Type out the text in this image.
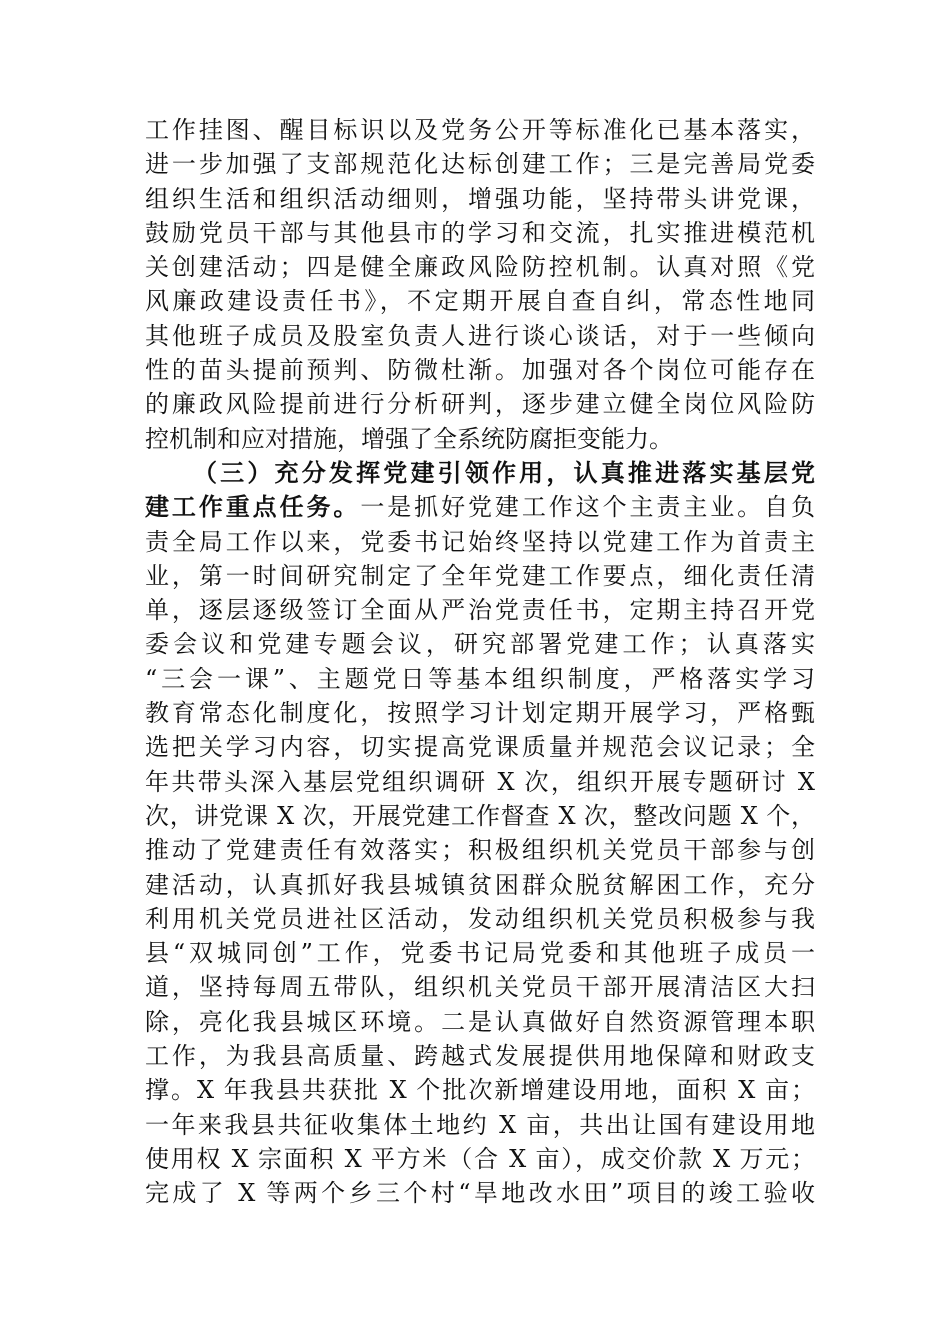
工作挂图、醒目标识以及党务公开等标准化已基本落实，
进一步加强了支部规范化达标创建工作；三是完善局党委
组织生活和组织活动细则，增强功能，坚持带头讲党课，
鼓励党员干部与其他县市的学习和交流，扎实推进模范机
关创建活动；四是健全廉政风险防控机制。认真对照《党
风廉政建设责任书》，不定期开展自查自纠，常态性地同
其他班子成员及股室负责人进行谈心谈话，对于一些倾向
性的苗头提前预判、防微杜渐。加强对各个岗位可能存在
的廉政风险提前进行分析研判，逐步建立健全岗位风险防
控机制和应对措施，增强了全系统防腐拒变能力。
（三）充分发挥党建引领作用，认真推进落实基层党
建工作重点任务。一是抓好党建工作这个主责主业。自负
责全局工作以来，党委书记始终坚持以党建工作为首责主
业，第一时间研究制定了全年党建工作要点，细化责任清
单，逐层逐级签订全面从严治党责任书，定期主持召开党
委会议和党建专题会议，研究部署党建工作；认真落实
“三会一课”、主题党日等基本组织制度，严格落实学习
教育常态化制度化，按照学习计划定期开展学习，严格甄
选把关学习内容，切实提高党课质量并规范会议记录；全
年共带头深入基层党组织调研 X 次，组织开展专题研讨 X
次，讲党课 X 次，开展党建工作督查 X 次，整改问题 X 个，
推动了党建责任有效落实；积极组织机关党员干部参与创
建活动，认真抓好我县城镇贫困群众脱贫解困工作，充分
利用机关党员进社区活动，发动组织机关党员积极参与我
县“双城同创”工作，党委书记局党委和其他班子成员一
道，坚持每周五带队，组织机关党员干部开展清洁区大扫
除，亮化我县城区环境。二是认真做好自然资源管理本职
工作，为我县高质量、跨越式发展提供用地保障和财政支
撑。X 年我县共获批 X 个批次新增建设用地，面积 X 亩；
一年来我县共征收集体土地约 X 亩，共出让国有建设用地
使用权 X 宗面积 X 平方米（合 X 亩），成交价款 X 万元；
完成了 X 等两个乡三个村“旱地改水田”项目的竣工验收
